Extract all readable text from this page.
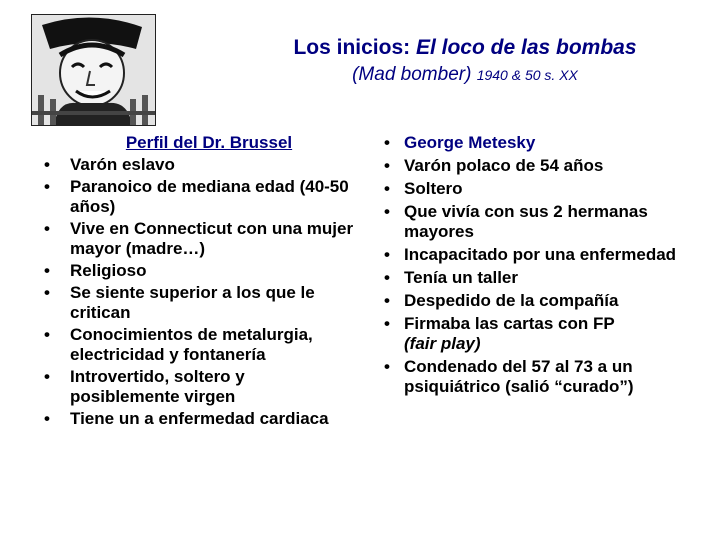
Los inicios: El loco de las bombas
(Mad bomber) 1940 & 50 s. XX
Perfil del Dr. Brussel
• Varón eslavo
• Paranoico de mediana edad (40-50 años)
• Vive en Connecticut con una mujer mayor (madre…)
• Religioso
• Se siente superior a los que le critican
• Conocimientos de metalurgia, electricidad y fontanería
• Introvertido, soltero y posiblemente virgen
• Tiene un a enfermedad cardiaca
• George Metesky
• Varón polaco de 54 años
• Soltero
• Que vivía con sus 2 hermanas mayores
• Incapacitado por una enfermedad
• Tenía un taller
• Despedido de la compañía
• Firmaba las cartas con FP
(fair play)
• Condenado del 57 al 73 a un psiquiátrico (salió “curado”)
